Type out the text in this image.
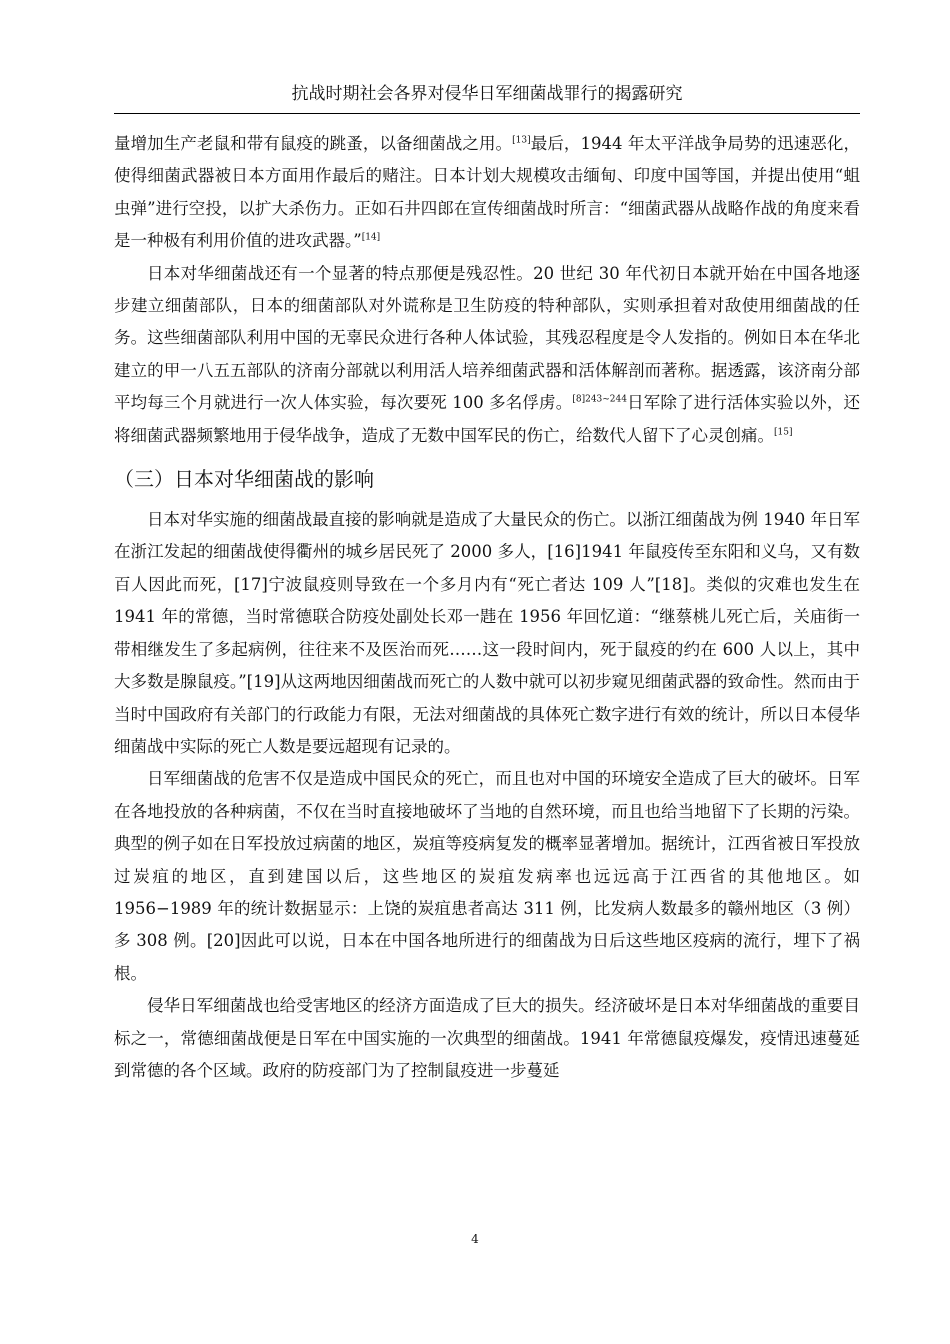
抗战时期社会各界对侵华日军细菌战罪行的揭露研究

量增加生产老鼠和带有鼠疫的跳蚤，以备细菌战之用。[13]最后，1944 年太平洋战争局势的迅速恶化，使得细菌武器被日本方面用作最后的赌注。日本计划大规模攻击缅甸、印度中国等国，并提出使用“蛆虫弹”进行空投，以扩大杀伤力。正如石井四郎在宣传细菌战时所言：“细菌武器从战略作战的角度来看是一种极有利用价值的进攻武器。”[14]

日本对华细菌战还有一个显著的特点那便是残忍性。20 世纪 30 年代初日本就开始在中国各地逐步建立细菌部队，日本的细菌部队对外谎称是卫生防疫的特种部队，实则承担着对敌使用细菌战的任务。这些细菌部队利用中国的无辜民众进行各种人体试验，其残忍程度是令人发指的。例如日本在华北建立的甲一八五五部队的济南分部就以利用活人培养细菌武器和活体解剖而著称。据透露，该济南分部平均每三个月就进行一次人体实验，每次要死 100 多名俘虏。$^{[8]243\sim 244}$日军除了进行活体实验以外，还将细菌武器频繁地用于侵华战争，造成了无数中国军民的伤亡，给数代人留下了心灵创痛。[15]

（三）日本对华细菌战的影响

日本对华实施的细菌战最直接的影响就是造成了大量民众的伤亡。以浙江细菌战为例 1940 年日军在浙江发起的细菌战使得衢州的城乡居民死了 2000 多人，[16]1941 年鼠疫传至东阳和义乌，又有数百人因此而死，[17]宁波鼠疫则导致在一个多月内有“死亡者达 109 人”[18]。类似的灾难也发生在 1941 年的常德，当时常德联合防疫处副处长邓一韪在 1956 年回忆道：“继蔡桃儿死亡后，关庙街一带相继发生了多起病例，往往来不及医治而死……这一段时间内，死于鼠疫的约在 600 人以上，其中大多数是腺鼠疫。”[19]从这两地因细菌战而死亡的人数中就可以初步窥见细菌武器的致命性。然而由于当时中国政府有关部门的行政能力有限，无法对细菌战的具体死亡数字进行有效的统计，所以日本侵华细菌战中实际的死亡人数是要远超现有记录的。

日军细菌战的危害不仅是造成中国民众的死亡，而且也对中国的环境安全造成了巨大的破坏。日军在各地投放的各种病菌，不仅在当时直接地破坏了当地的自然环境，而且也给当地留下了长期的污染。典型的例子如在日军投放过病菌的地区，炭疽等疫病复发的概率显著增加。据统计，江西省被日军投放过炭疽的地区，直到建国以后，这些地区的炭疽发病率也远远高于江西省的其他地区。如 1956−1989 年的统计数据显示：上饶的炭疽患者高达 311 例，比发病人数最多的赣州地区（3 例）多 308 例。[20]因此可以说，日本在中国各地所进行的细菌战为日后这些地区疫病的流行，埋下了祸根。

侵华日军细菌战也给受害地区的经济方面造成了巨大的损失。经济破坏是日本对华细菌战的重要目标之一，常德细菌战便是日军在中国实施的一次典型的细菌战。1941 年常德鼠疫爆发，疫情迅速蔓延到常德的各个区域。政府的防疫部门为了控制鼠疫进一步蔓延

4
